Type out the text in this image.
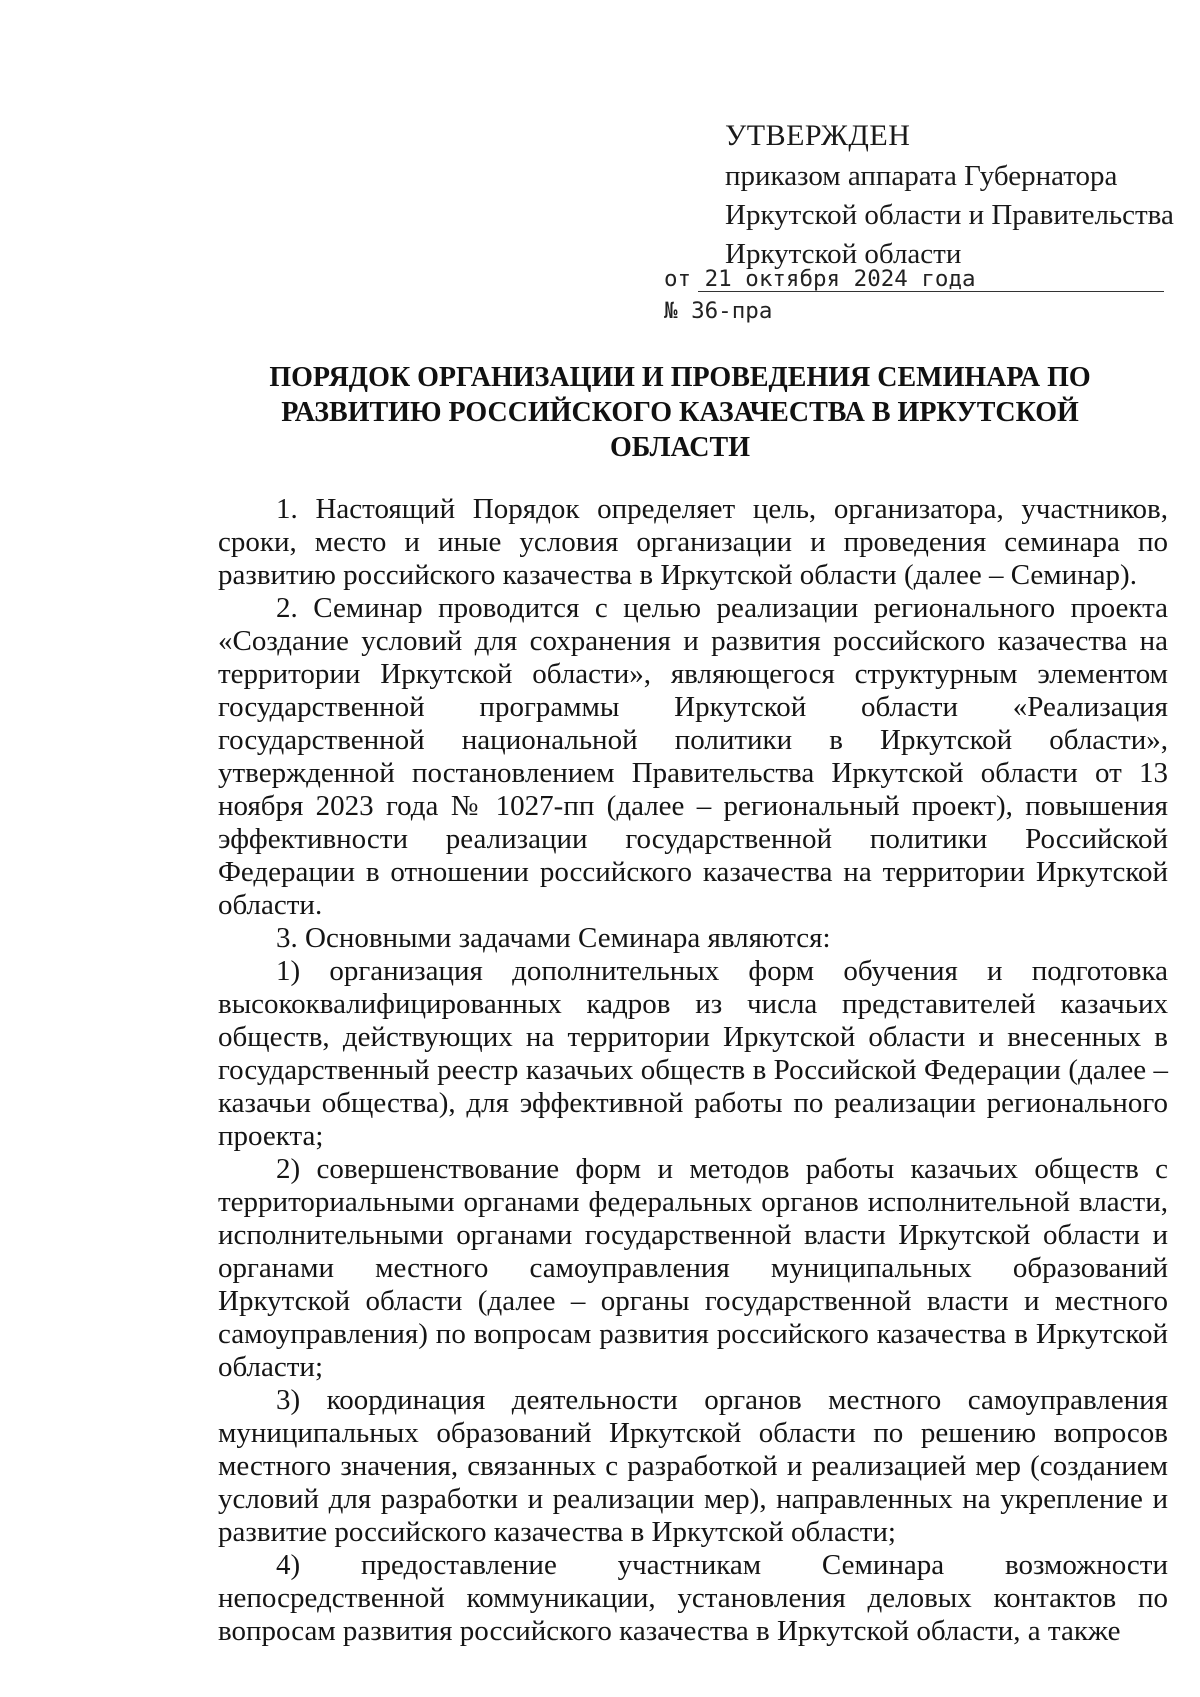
УТВЕРЖДЕН
приказом аппарата Губернатора
Иркутской области и Правительства
Иркутской области
от 21 октября 2024 года
№ 36-пра
ПОРЯДОК ОРГАНИЗАЦИИ И ПРОВЕДЕНИЯ СЕМИНАРА ПО
РАЗВИТИЮ РОССИЙСКОГО КАЗАЧЕСТВА В ИРКУТСКОЙ
ОБЛАСТИ

1. Настоящий Порядок определяет цель, организатора, участников, сроки, место и иные условия организации и проведения семинара по развитию российского казачества в Иркутской области (далее – Семинар).

2. Семинар проводится с целью реализации регионального проекта «Создание условий для сохранения и развития российского казачества на территории Иркутской области», являющегося структурным элементом государственной программы Иркутской области «Реализация государственной национальной политики в Иркутской области», утвержденной постановлением Правительства Иркутской области от 13 ноября 2023 года № 1027-пп (далее – региональный проект), повышения эффективности реализации государственной политики Российской Федерации в отношении российского казачества на территории Иркутской области.

3. Основными задачами Семинара являются:

1) организация дополнительных форм обучения и подготовка высококвалифицированных кадров из числа представителей казачьих обществ, действующих на территории Иркутской области и внесенных в государственный реестр казачьих обществ в Российской Федерации (далее – казачьи общества), для эффективной работы по реализации регионального проекта;

2) совершенствование форм и методов работы казачьих обществ с территориальными органами федеральных органов исполнительной власти, исполнительными органами государственной власти Иркутской области и органами местного самоуправления муниципальных образований Иркутской области (далее – органы государственной власти и местного самоуправления) по вопросам развития российского казачества в Иркутской области;

3) координация деятельности органов местного самоуправления муниципальных образований Иркутской области по решению вопросов местного значения, связанных с разработкой и реализацией мер (созданием условий для разработки и реализации мер), направленных на укрепление и развитие российского казачества в Иркутской области;

4) предоставление участникам Семинара возможности непосредственной коммуникации, установления деловых контактов по вопросам развития российского казачества в Иркутской области, а также
